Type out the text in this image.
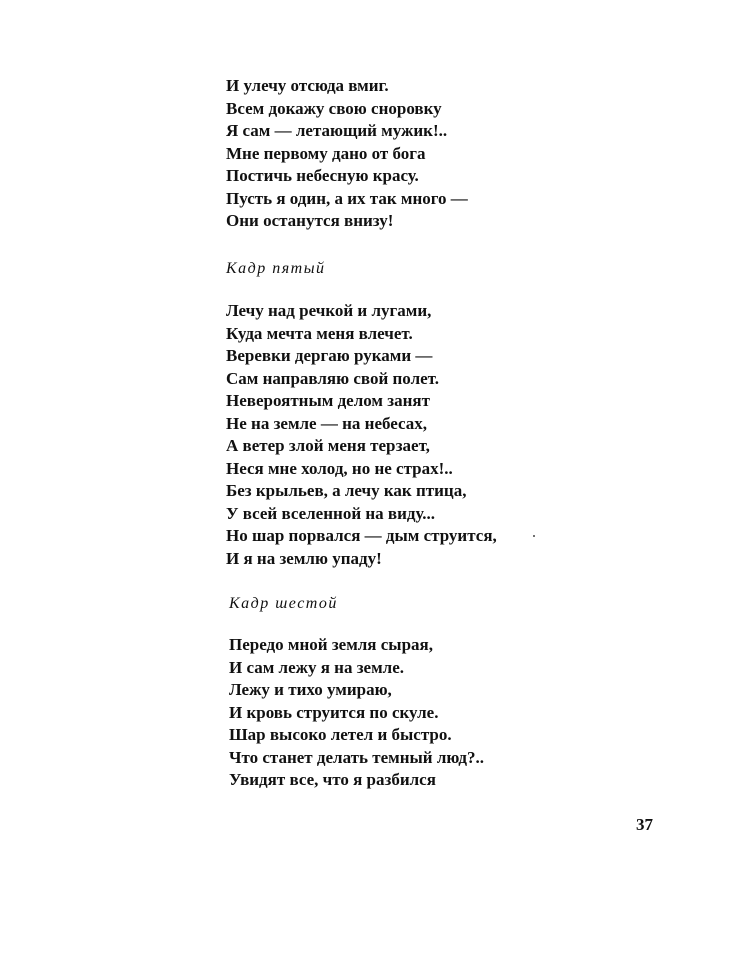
И улечу отсюда вмиг.
Всем докажу свою сноровку
Я сам — летающий мужик!..
Мне первому дано от бога
Постичь небесную красу.
Пусть я один, а их так много —
Они останутся внизу!
Кадр пятый
Лечу над речкой и лугами,
Куда мечта меня влечет.
Веревки дергаю руками —
Сам направляю свой полет.
Невероятным делом занят
Не на земле — на небесах,
А ветер злой меня терзает,
Неся мне холод, но не страх!..
Без крыльев, а лечу как птица,
У всей вселенной на виду...
Но шар порвался — дым струится,
И я на землю упаду!
Кадр шестой
Передо мной земля сырая,
И сам лежу я на земле.
Лежу и тихо умираю,
И кровь струится по скуле.
Шар высоко летел и быстро.
Что станет делать темный люд?..
Увидят все, что я разбился
37
